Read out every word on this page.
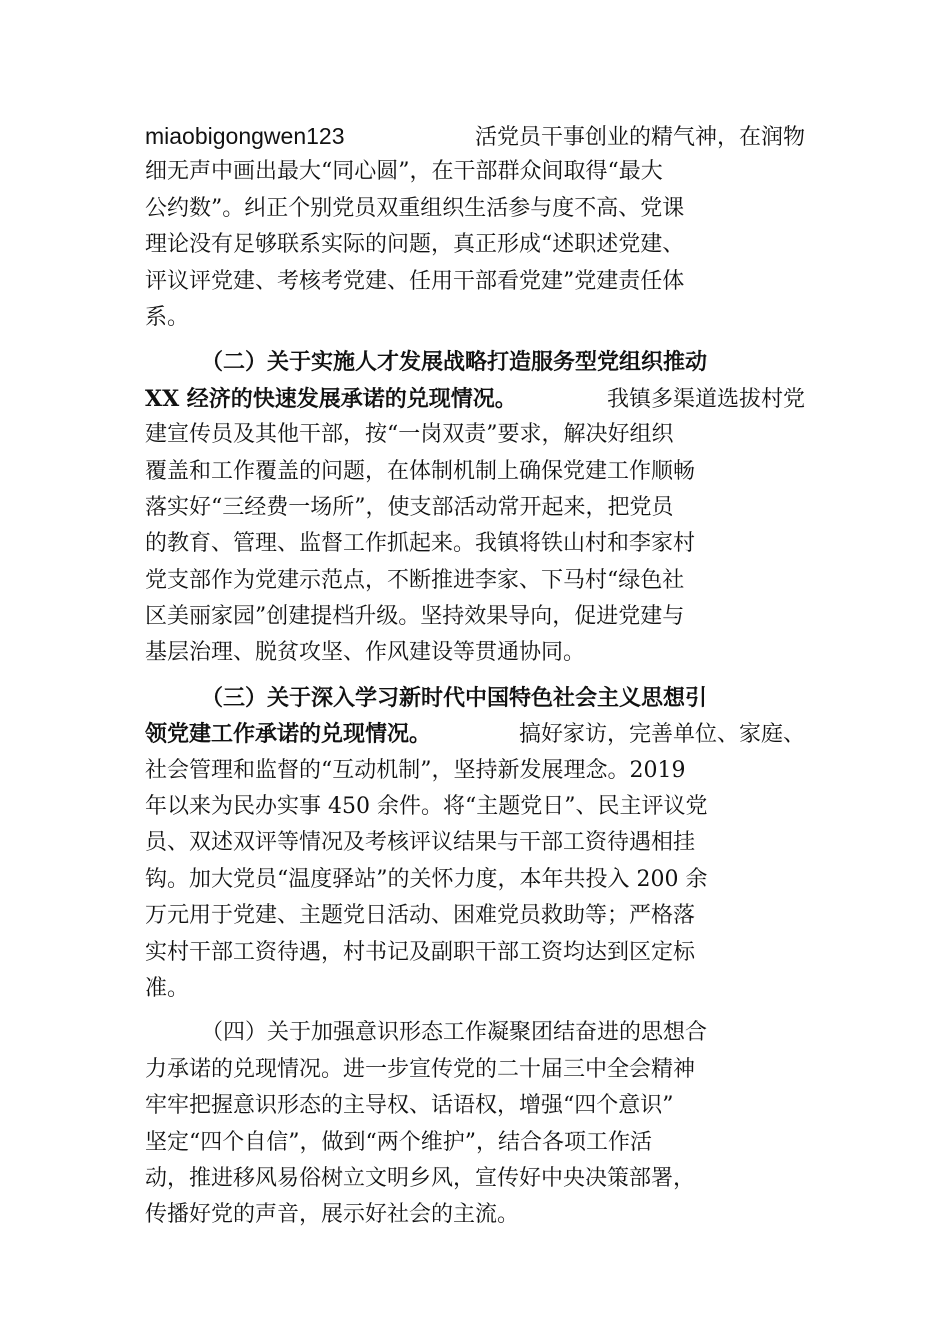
miaobigongwen123	活党员干事创业的精气神，在润物
细无声中画出最大“同心圆”，在干部群众间取得“最大
公约数”。纠正个别党员双重组织生活参与度不高、党课
理论没有足够联系实际的问题，真正形成“述职述党建、
评议评党建、考核考党建、任用干部看党建”党建责任体
系。
（二）关于实施人才发展战略打造服务型党组织推动
XX 经济的快速发展承诺的兑现情况。	我镇多渠道选拔村党
建宣传员及其他干部，按“一岗双责”要求，解决好组织
覆盖和工作覆盖的问题，在体制机制上确保党建工作顺畅
落实好“三经费一场所”，使支部活动常开起来，把党员
的教育、管理、监督工作抓起来。我镇将铁山村和李家村
党支部作为党建示范点，不断推进李家、下马村“绿色社
区美丽家园”创建提档升级。坚持效果导向，促进党建与
基层治理、脱贫攻坚、作风建设等贯通协同。
（三）关于深入学习新时代中国特色社会主义思想引
领党建工作承诺的兑现情况。	搞好家访，完善单位、家庭、
社会管理和监督的“互动机制”，坚持新发展理念。2019
年以来为民办实事 450 余件。将“主题党日”、民主评议党
员、双述双评等情况及考核评议结果与干部工资待遇相挂
钩。加大党员“温度驿站”的关怀力度，本年共投入 200 余
万元用于党建、主题党日活动、困难党员救助等；严格落
实村干部工资待遇，村书记及副职干部工资均达到区定标
准。
（四）关于加强意识形态工作凝聚团结奋进的思想合
力承诺的兑现情况。进一步宣传党的二十届三中全会精神
牢牢把握意识形态的主导权、话语权，增强“四个意识”
坚定“四个自信”，做到“两个维护”，结合各项工作活
动，推进移风易俗树立文明乡风，宣传好中央决策部署，
传播好党的声音，展示好社会的主流。
